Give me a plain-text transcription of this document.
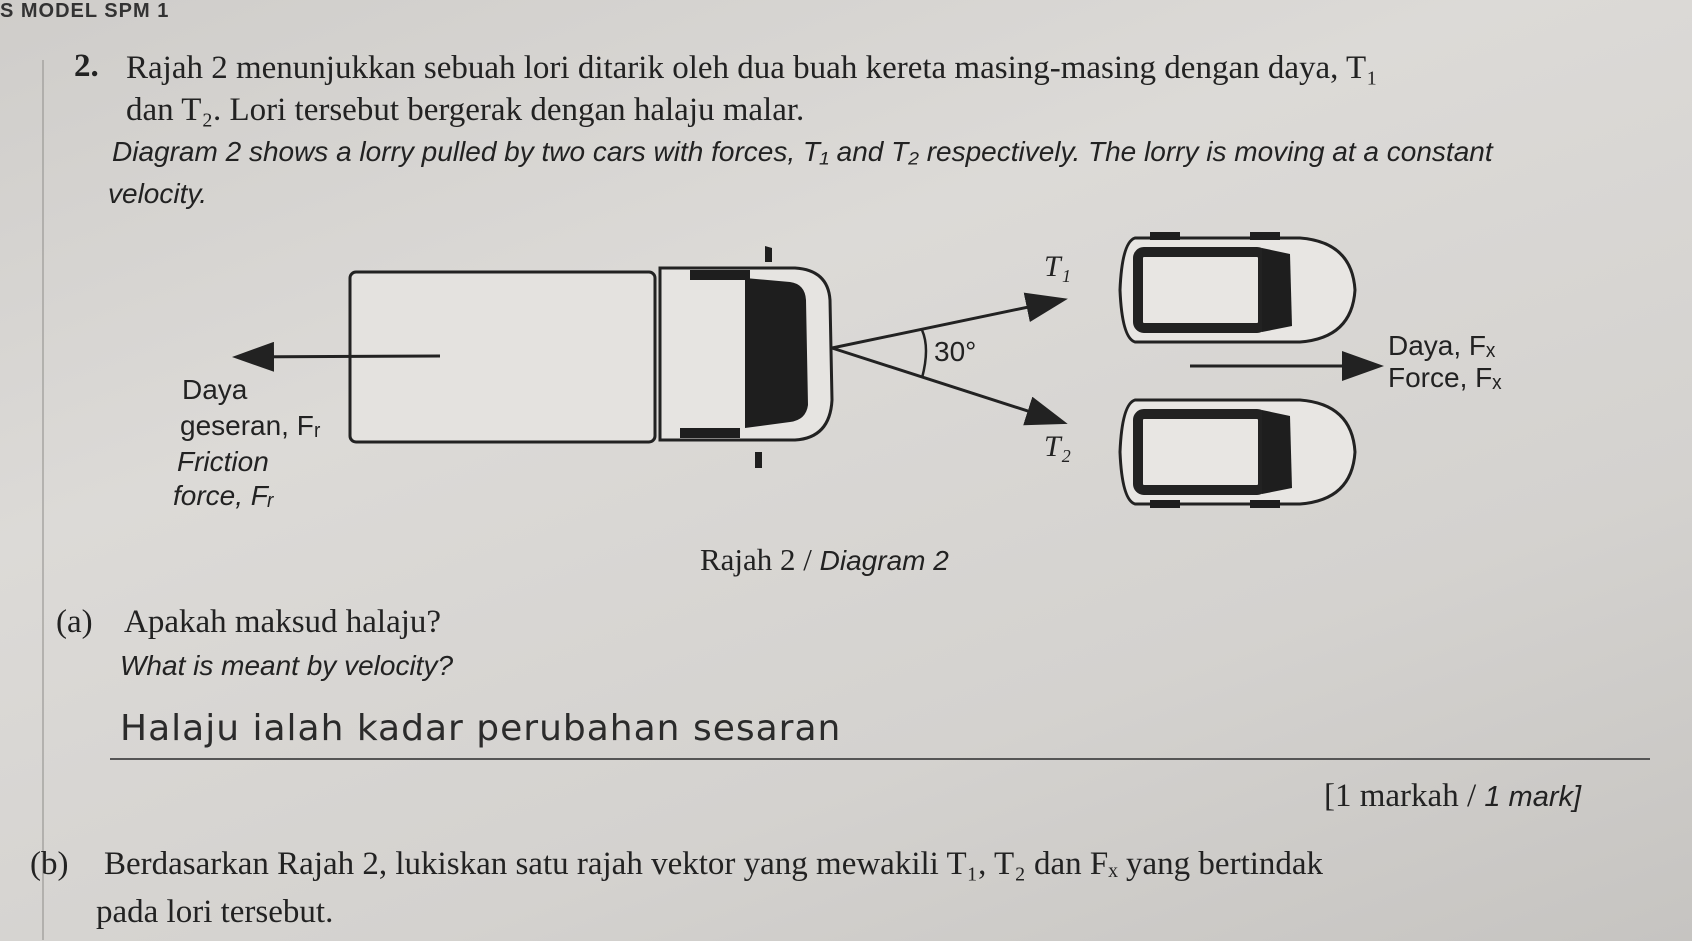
S MODEL SPM 1
2. Rajah 2 menunjukkan sebuah lori ditarik oleh dua buah kereta masing-masing dengan daya, T₁
dan T₂. Lori tersebut bergerak dengan halaju malar.
Diagram 2 shows a lorry pulled by two cars with forces, T₁ and T₂ respectively. The lorry is moving at a constant
velocity.
T₁
T₂
30°	Daya, Fₓ
Force, Fₓ
Daya
geseran, Fᵣ
Friction
force, Fᵣ
Rajah 2 / Diagram 2
(a) Apakah maksud halaju?
What is meant by velocity?
Halaju ialah kadar perubahan sesaran
[1 markah / 1 mark]
(b) Berdasarkan Rajah 2, lukiskan satu rajah vektor yang mewakili T₁, T₂ dan Fₓ yang bertindak
pada lori tersebut.
